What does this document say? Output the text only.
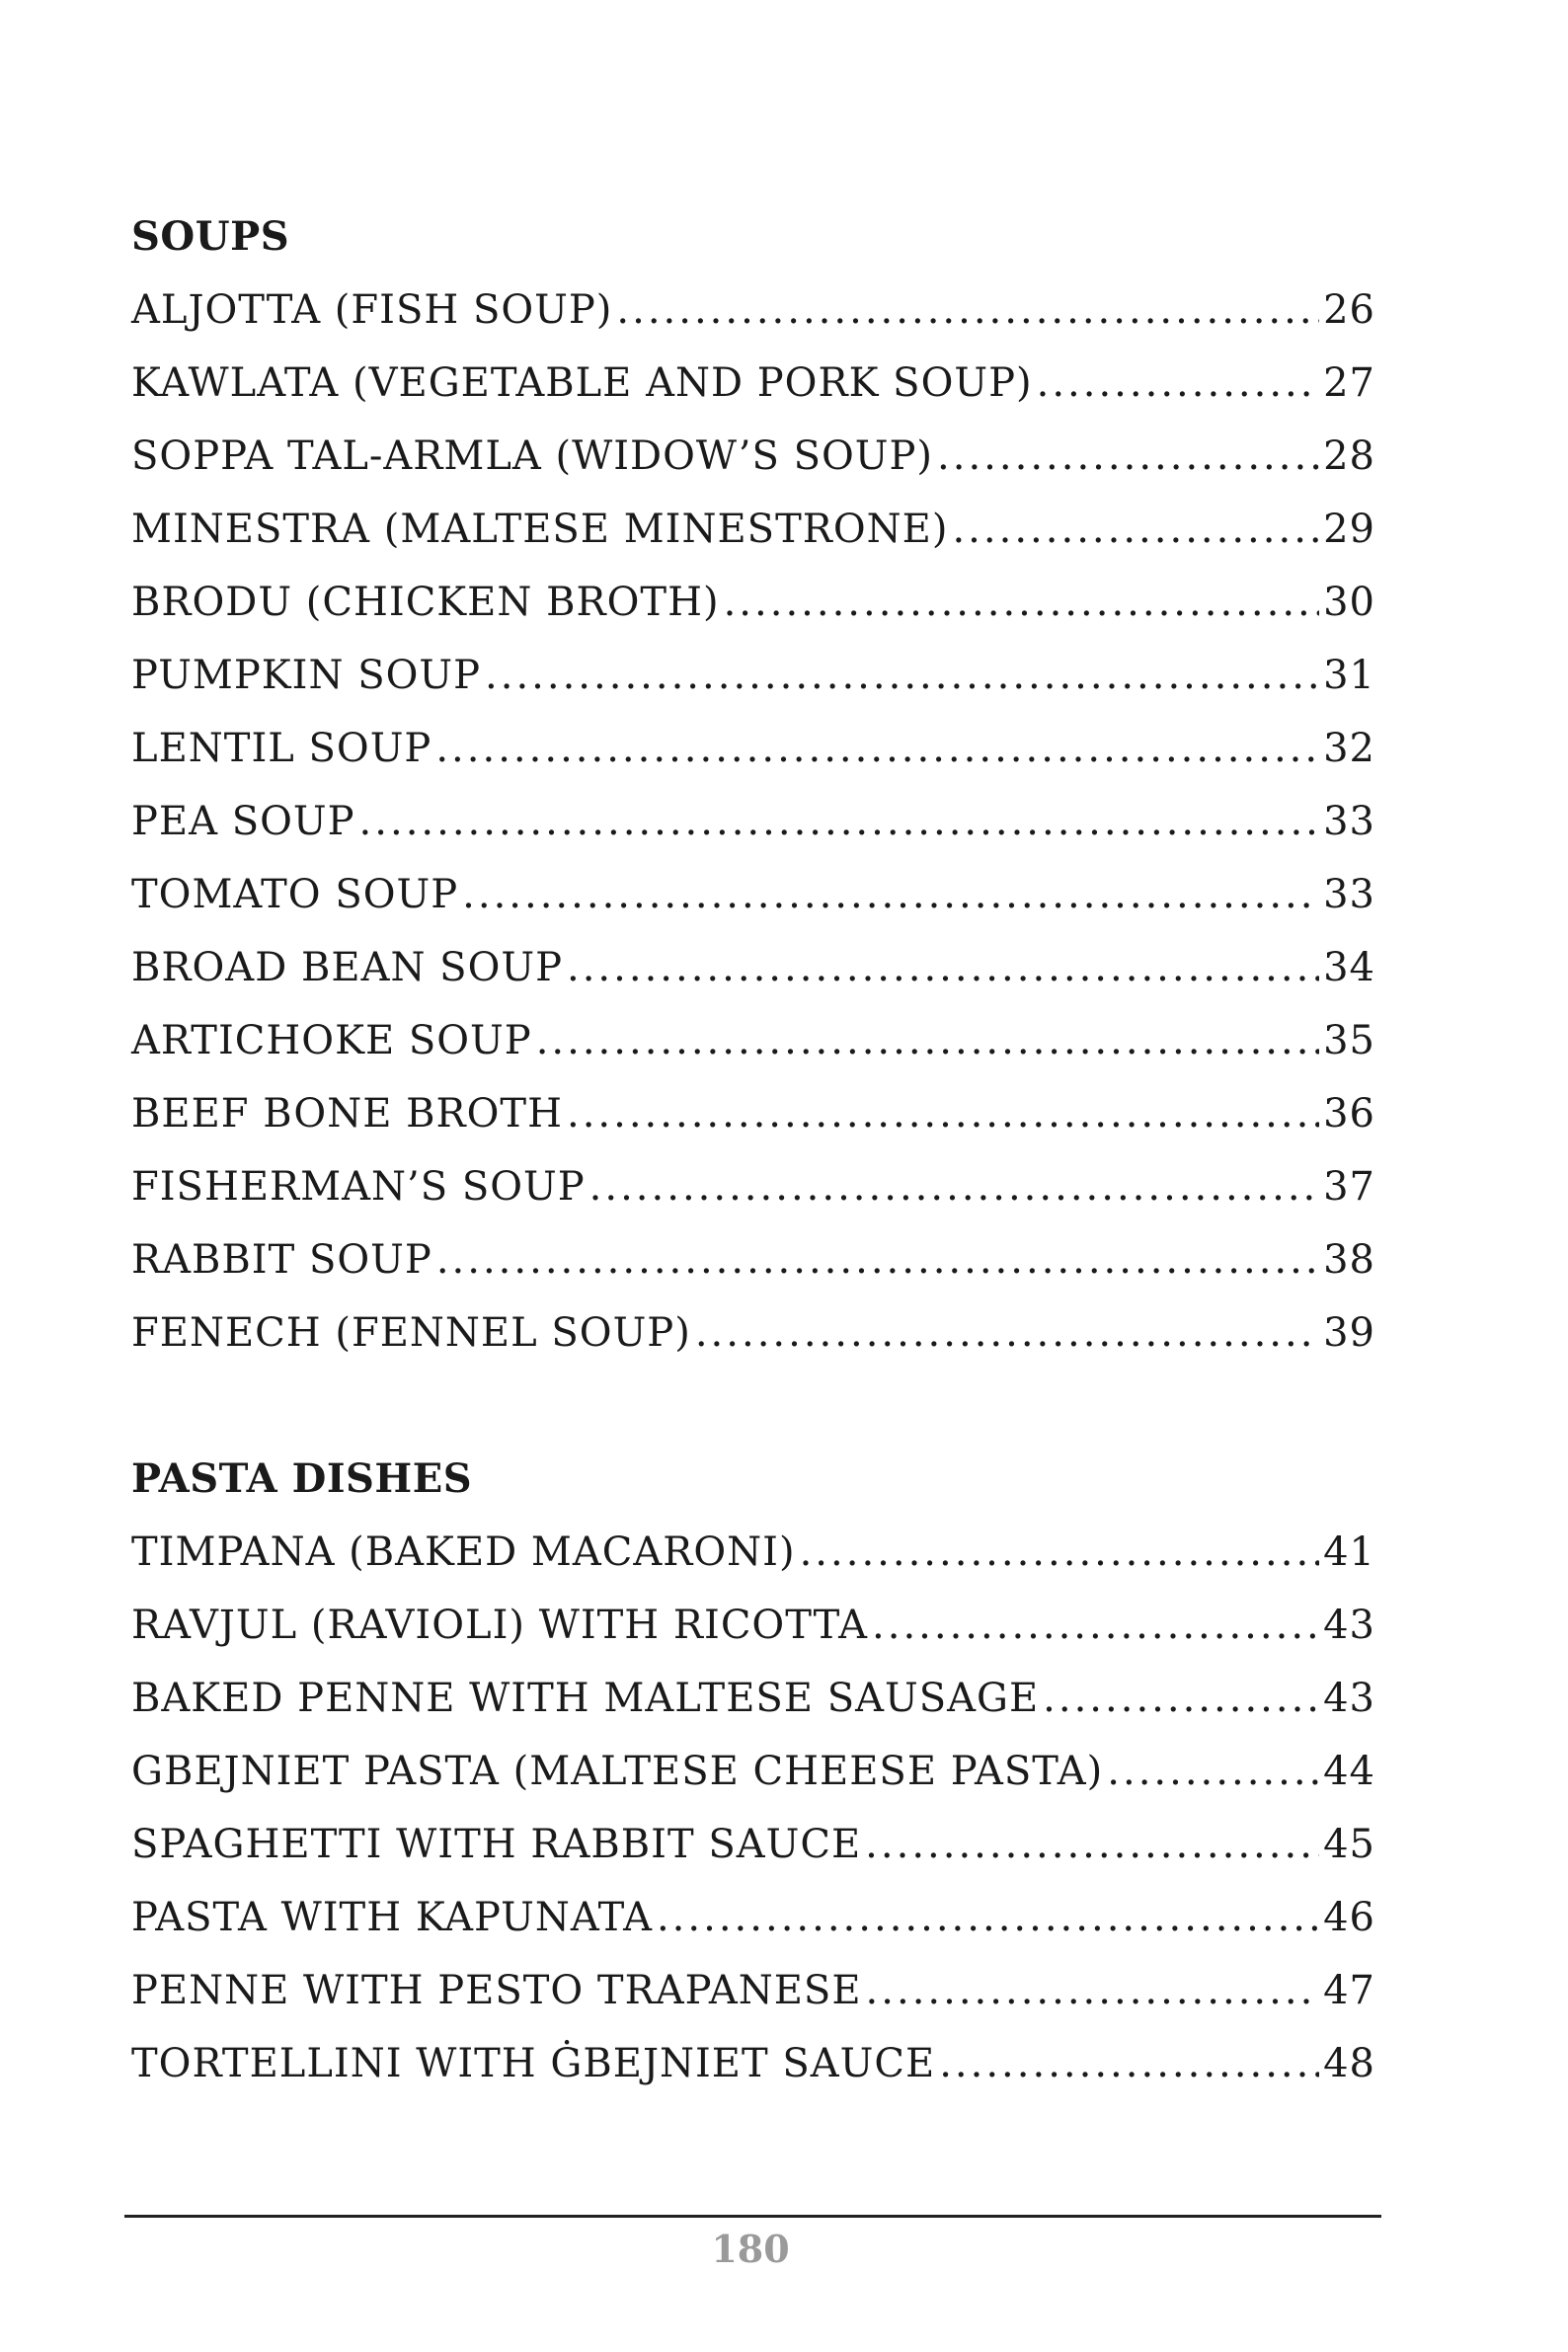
SOUPS
ALJOTTA (FISH SOUP) .....	26
KAWLATA (VEGETABLE AND PORK SOUP) .....	27
SOPPA TAL-ARMLA (WIDOW’S SOUP) .....	28
MINESTRA (MALTESE MINESTRONE) .....	29
BRODU (CHICKEN BROTH) .....	30
PUMPKIN SOUP .....	31
LENTIL SOUP .....	32
PEA SOUP .....	33
TOMATO SOUP .....	33
BROAD BEAN SOUP .....	34
ARTICHOKE SOUP .....	35
BEEF BONE BROTH .....	36
FISHERMAN’S SOUP .....	37
RABBIT SOUP .....	38
FENECH (FENNEL SOUP) .....	39
PASTA DISHES
TIMPANA (BAKED MACARONI) .....	41
RAVJUL (RAVIOLI) WITH RICOTTA .....	43
BAKED PENNE WITH MALTESE SAUSAGE .....	43
GBEJNIET PASTA (MALTESE CHEESE PASTA) .....	44
SPAGHETTI WITH RABBIT SAUCE .....	45
PASTA WITH KAPUNATA .....	46
PENNE WITH PESTO TRAPANESE .....	47
TORTELLINI WITH ĠBEJNIET SAUCE .....	48
180
